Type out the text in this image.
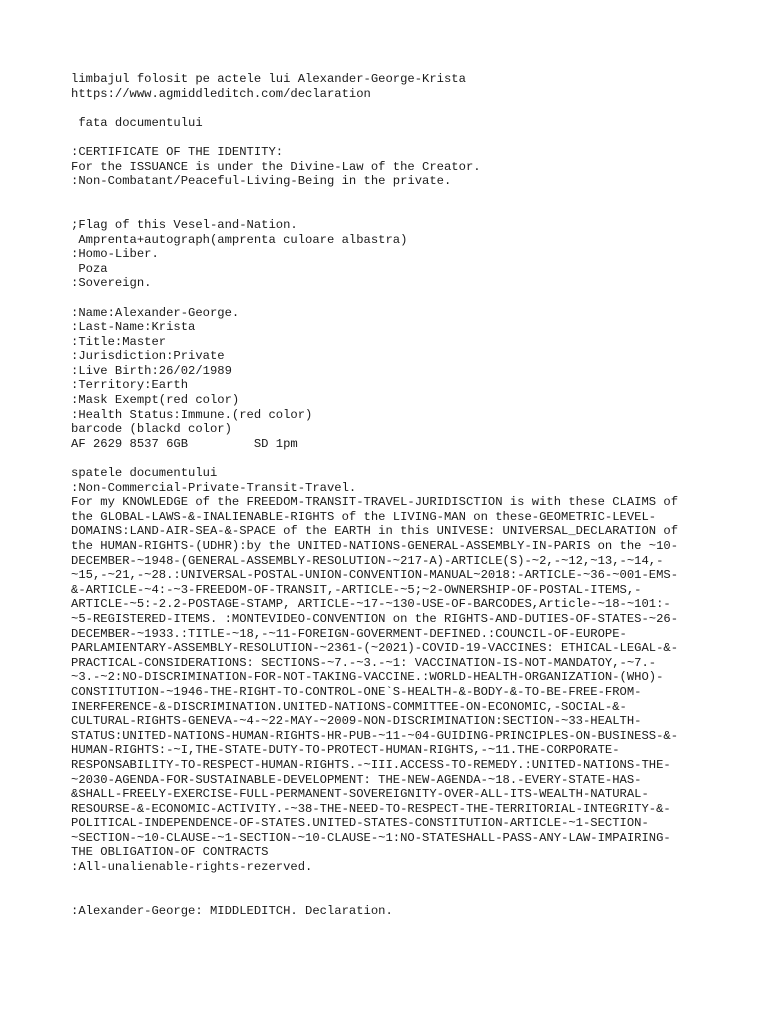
limbajul folosit pe actele lui Alexander-George-Krista
https://www.agmiddleditch.com/declaration
fata documentului
:CERTIFICATE OF THE IDENTITY:
For the ISSUANCE is under the Divine-Law of the Creator.
:Non-Combatant/Peaceful-Living-Being in the private.
;Flag of this Vesel-and-Nation.
Amprenta+autograph(amprenta culoare albastra)
:Homo-Liber.
Poza
:Sovereign.
:Name:Alexander-George.
:Last-Name:Krista
:Title:Master
:Jurisdiction:Private
:Live Birth:26/02/1989
:Territory:Earth
:Mask Exempt(red color)
:Health Status:Immune.(red color)
barcode (blackd color)
AF 2629 8537 6GB         SD 1pm
spatele documentului
:Non-Commercial-Private-Transit-Travel.
For my KNOWLEDGE of the FREEDOM-TRANSIT-TRAVEL-JURIDISCTION is with these CLAIMS of
the GLOBAL-LAWS-&-INALIENABLE-RIGHTS of the LIVING-MAN on these-GEOMETRIC-LEVEL-
DOMAINS:LAND-AIR-SEA-&-SPACE of the EARTH in this UNIVESE: UNIVERSAL_DECLARATION of
the HUMAN-RIGHTS-(UDHR):by the UNITED-NATIONS-GENERAL-ASSEMBLY-IN-PARIS on the ~10-
DECEMBER-~1948-(GENERAL-ASSEMBLY-RESOLUTION-~217-A)-ARTICLE(S)-~2,-~12,~13,-~14,-
~15,-~21,-~28.:UNIVERSAL-POSTAL-UNION-CONVENTION-MANUAL~2018:-ARTICLE-~36-~001-EMS-
&-ARTICLE-~4:-~3-FREEDOM-OF-TRANSIT,-ARTICLE-~5;~2-OWNERSHIP-OF-POSTAL-ITEMS,-
ARTICLE-~5:-2.2-POSTAGE-STAMP, ARTICLE-~17-~130-USE-OF-BARCODES,Article-~18-~101:-
~5-REGISTERED-ITEMS. :MONTEVIDEO-CONVENTION on the RIGHTS-AND-DUTIES-OF-STATES-~26-
DECEMBER-~1933.:TITLE-~18,-~11-FOREIGN-GOVERMENT-DEFINED.:COUNCIL-OF-EUROPE-
PARLAMIENTARY-ASSEMBLY-RESOLUTION-~2361-(~2021)-COVID-19-VACCINES: ETHICAL-LEGAL-&-
PRACTICAL-CONSIDERATIONS: SECTIONS-~7.-~3.-~1: VACCINATION-IS-NOT-MANDATOY,-~7.-
~3.-~2:NO-DISCRIMINATION-FOR-NOT-TAKING-VACCINE.:WORLD-HEALTH-ORGANIZATION-(WHO)-
CONSTITUTION-~1946-THE-RIGHT-TO-CONTROL-ONE`S-HEALTH-&-BODY-&-TO-BE-FREE-FROM-
INERFERENCE-&-DISCRIMINATION.UNITED-NATIONS-COMMITTEE-ON-ECONOMIC,-SOCIAL-&-
CULTURAL-RIGHTS-GENEVA-~4-~22-MAY-~2009-NON-DISCRIMINATION:SECTION-~33-HEALTH-
STATUS:UNITED-NATIONS-HUMAN-RIGHTS-HR-PUB-~11-~04-GUIDING-PRINCIPLES-ON-BUSINESS-&-
HUMAN-RIGHTS:-~I,THE-STATE-DUTY-TO-PROTECT-HUMAN-RIGHTS,-~11.THE-CORPORATE-
RESPONSABILITY-TO-RESPECT-HUMAN-RIGHTS.-~III.ACCESS-TO-REMEDY.:UNITED-NATIONS-THE-
~2030-AGENDA-FOR-SUSTAINABLE-DEVELOPMENT: THE-NEW-AGENDA-~18.-EVERY-STATE-HAS-
&SHALL-FREELY-EXERCISE-FULL-PERMANENT-SOVEREIGNITY-OVER-ALL-ITS-WEALTH-NATURAL-
RESOURSE-&-ECONOMIC-ACTIVITY.-~38-THE-NEED-TO-RESPECT-THE-TERRITORIAL-INTEGRITY-&-
POLITICAL-INDEPENDENCE-OF-STATES.UNITED-STATES-CONSTITUTION-ARTICLE-~1-SECTION-
~SECTION-~10-CLAUSE-~1-SECTION-~10-CLAUSE-~1:NO-STATESHALL-PASS-ANY-LAW-IMPAIRING-
THE OBLIGATION-OF CONTRACTS
:All-unalienable-rights-rezerved.
:Alexander-George: MIDDLEDITCH. Declaration.
